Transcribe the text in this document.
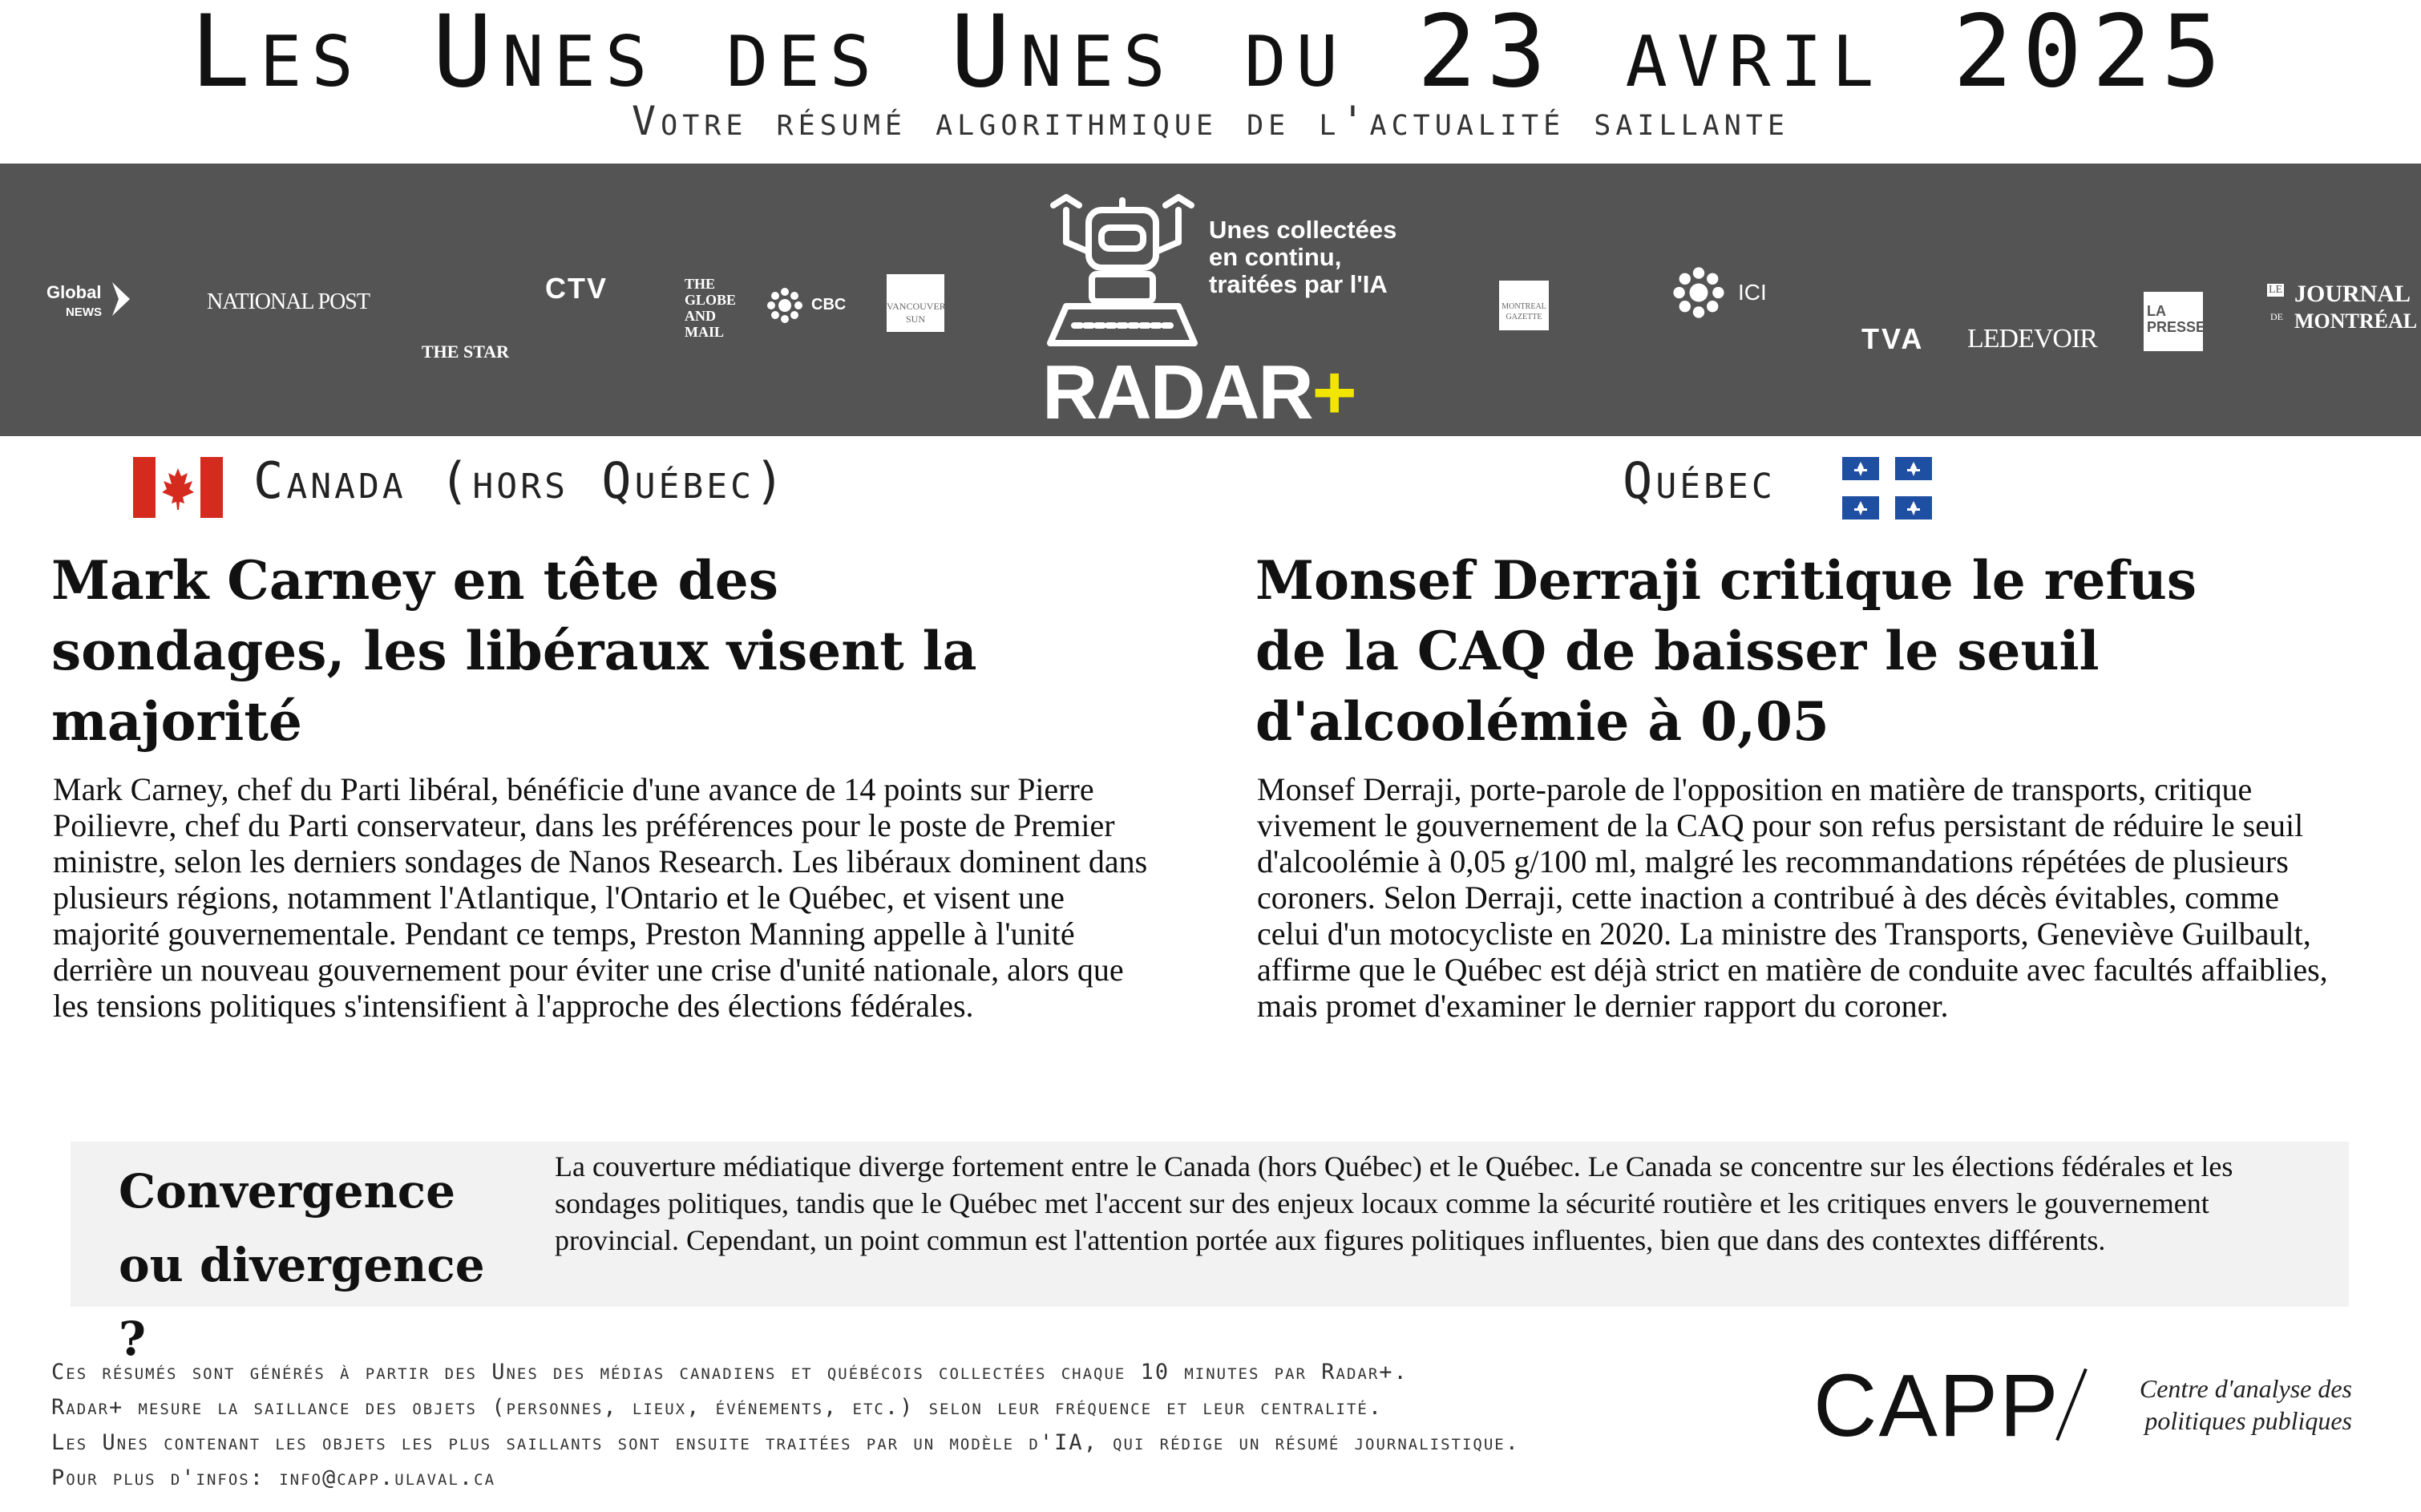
Les Unes des Unes du 23 avril 2025
Votre résumé algorithmique de l'actualité saillante
Global
NEWS	NATIONAL POST
THE STAR
CTV	THE GLOBE AND MAIL
CBC	VANCOUVER SUN
Unes collectées en continu, traitées par l'IA
RADAR+
MONTREAL GAZETTE
ICI
TVA LEDEVOIR
LA PRESSE
LE JOURNAL
DE MONTRÉAL
Canada (hors Québec)
Mark Carney en tête des sondages, les libéraux visent la majorité
Mark Carney, chef du Parti libéral, bénéficie d'une avance de 14 points sur Pierre Poilievre, chef du Parti conservateur, dans les préférences pour le poste de Premier ministre, selon les derniers sondages de Nanos Research. Les libéraux dominent dans plusieurs régions, notamment l'Atlantique, l'Ontario et le Québec, et visent une majorité gouvernementale. Pendant ce temps, Preston Manning appelle à l'unité derrière un nouveau gouvernement pour éviter une crise d'unité nationale, alors que les tensions politiques s'intensifient à l'approche des élections fédérales.
Québec
Monsef Derraji critique le refus de la CAQ de baisser le seuil d'alcoolémie à 0,05
Monsef Derraji, porte-parole de l'opposition en matière de transports, critique vivement le gouvernement de la CAQ pour son refus persistant de réduire le seuil d'alcoolémie à 0,05 g/100 ml, malgré les recommandations répétées de plusieurs coroners. Selon Derraji, cette inaction a contribué à des décès évitables, comme celui d'un motocycliste en 2020. La ministre des Transports, Geneviève Guilbault, affirme que le Québec est déjà strict en matière de conduite avec facultés affaiblies, mais promet d'examiner le dernier rapport du coroner.
Convergence ou divergence ?
La couverture médiatique diverge fortement entre le Canada (hors Québec) et le Québec. Le Canada se concentre sur les élections fédérales et les sondages politiques, tandis que le Québec met l'accent sur des enjeux locaux comme la sécurité routière et les critiques envers le gouvernement provincial. Cependant, un point commun est l'attention portée aux figures politiques influentes, bien que dans des contextes différents.
Ces résumés sont générés à partir des Unes des médias canadiens et québécois collectées chaque 10 minutes par Radar+.
Radar+ mesure la saillance des objets (personnes, lieux, événements, etc.) selon leur fréquence et leur centralité.
Les Unes contenant les objets les plus saillants sont ensuite traitées par un modèle d'IA, qui rédige un résumé journalistique.
Pour plus d'infos: info@capp.ulaval.ca
CAPP	Centre d'analyse des politiques publiques
